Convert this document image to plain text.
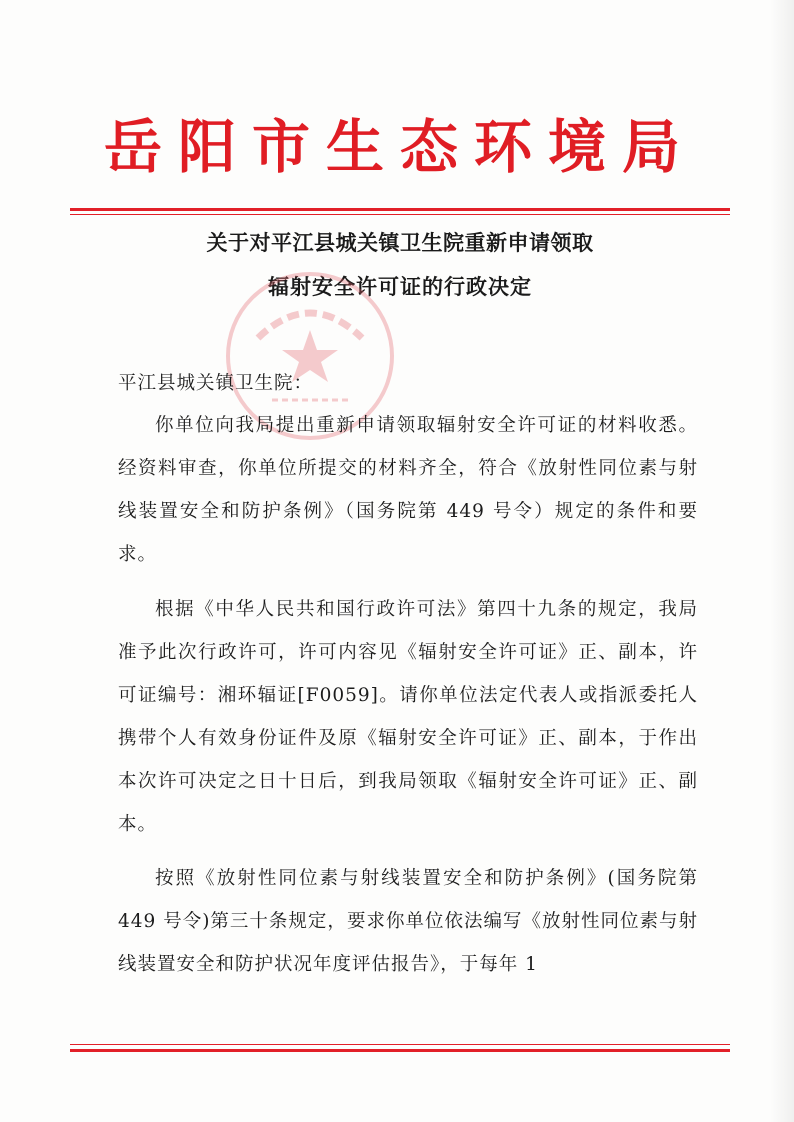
岳阳市生态环境局
关于对平江县城关镇卫生院重新申请领取
辐射安全许可证的行政决定
平江县城关镇卫生院：

你单位向我局提出重新申请领取辐射安全许可证的材料收悉。经资料审查，你单位所提交的材料齐全，符合《放射性同位素与射线装置安全和防护条例》（国务院第 449 号令）规定的条件和要求。

根据《中华人民共和国行政许可法》第四十九条的规定，我局准予此次行政许可，许可内容见《辐射安全许可证》正、副本，许可证编号：湘环辐证[F0059]。请你单位法定代表人或指派委托人携带个人有效身份证件及原《辐射安全许可证》正、副本，于作出本次许可决定之日十日后，到我局领取《辐射安全许可证》正、副本。

按照《放射性同位素与射线装置安全和防护条例》(国务院第 449 号令)第三十条规定，要求你单位依法编写《放射性同位素与射线装置安全和防护状况年度评估报告》，于每年 1
